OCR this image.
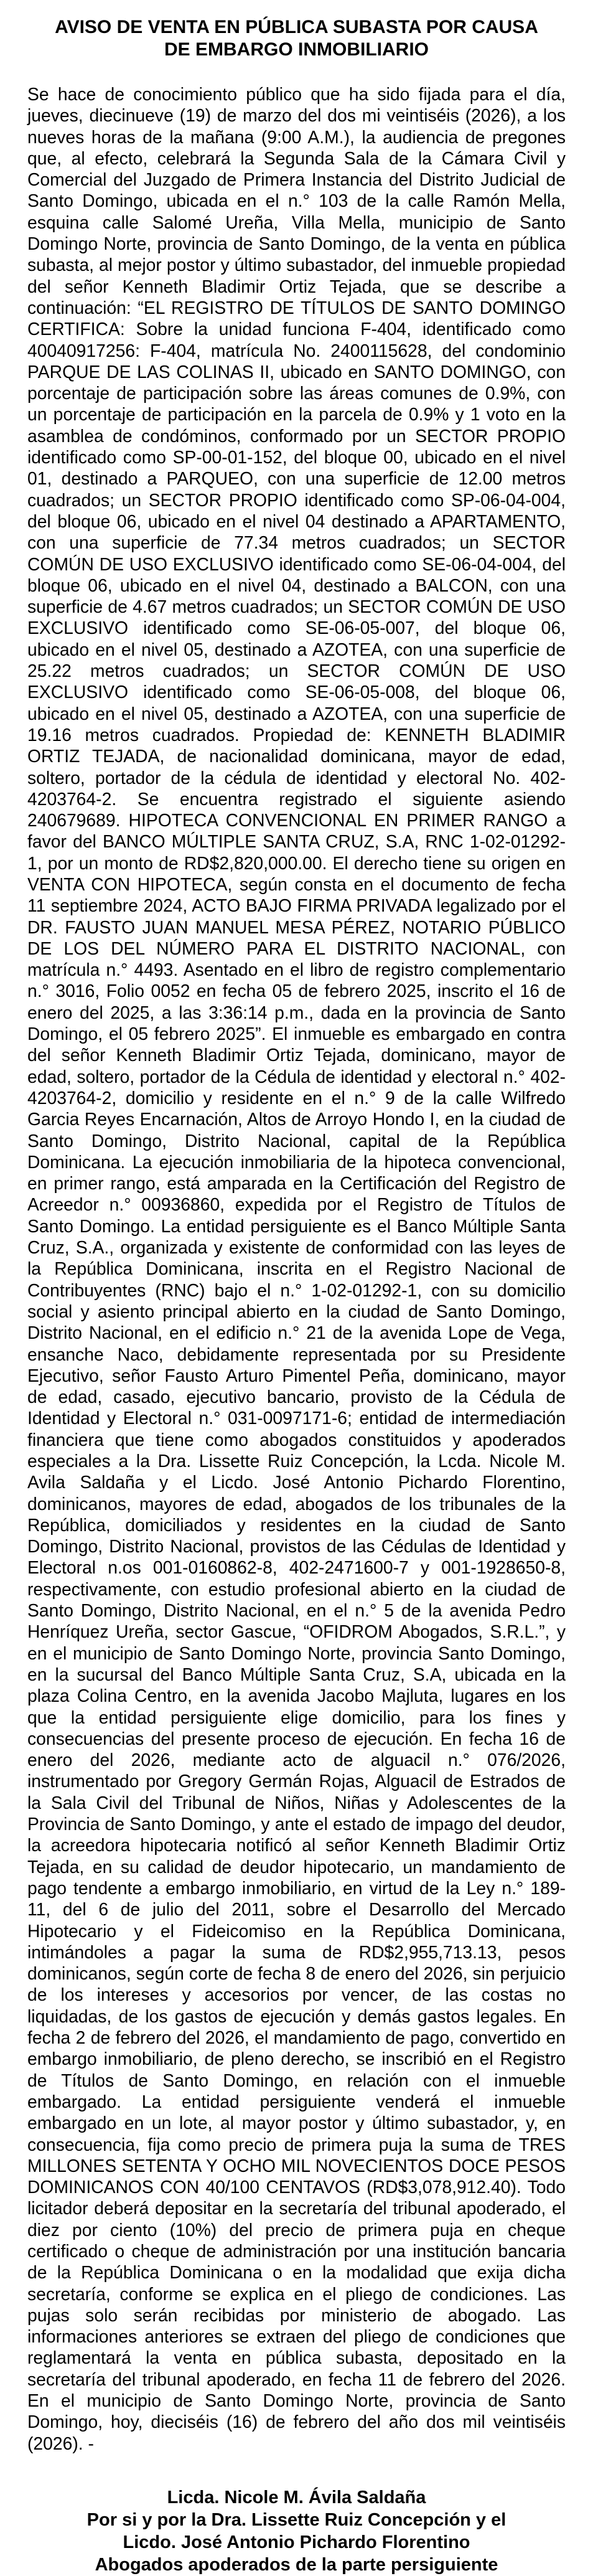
AVISO DE VENTA EN PÚBLICA SUBASTA POR CAUSA
DE EMBARGO INMOBILIARIO

Se hace de conocimiento público que ha sido fijada para el día, jueves, diecinueve (19) de marzo del dos mi veintiséis (2026), a los nueves horas de la mañana (9:00 A.M.), la audiencia de pregones que, al efecto, celebrará la Segunda Sala de la Cámara Civil y Comercial del Juzgado de Primera Instancia del Distrito Judicial de Santo Domingo, ubicada en el n.° 103 de la calle Ramón Mella, esquina calle Salomé Ureña, Villa Mella, municipio de Santo Domingo Norte, provincia de Santo Domingo, de la venta en pública subasta, al mejor postor y último subastador, del inmueble propiedad del señor Kenneth Bladimir Ortiz Tejada, que se describe a continuación: “EL REGISTRO DE TÍTULOS DE SANTO DOMINGO CERTIFICA: Sobre la unidad funciona F-404, identificado como 40040917256: F-404, matrícula No. 2400115628, del condominio PARQUE DE LAS COLINAS II, ubicado en SANTO DOMINGO, con porcentaje de participación sobre las áreas comunes de 0.9%, con un porcentaje de participación en la parcela de 0.9% y 1 voto en la asamblea de condóminos, conformado por un SECTOR PROPIO identificado como SP-00-01-152, del bloque 00, ubicado en el nivel 01, destinado a PARQUEO, con una superficie de 12.00 metros cuadrados; un SECTOR PROPIO identificado como SP-06-04-004, del bloque 06, ubicado en el nivel 04 destinado a APARTAMENTO, con una superficie de 77.34 metros cuadrados; un SECTOR COMÚN DE USO EXCLUSIVO identificado como SE-06-04-004, del bloque 06, ubicado en el nivel 04, destinado a BALCON, con una superficie de 4.67 metros cuadrados; un SECTOR COMÚN DE USO EXCLUSIVO identificado como SE-06-05-007, del bloque 06, ubicado en el nivel 05, destinado a AZOTEA, con una superficie de 25.22 metros cuadrados; un SECTOR COMÚN DE USO EXCLUSIVO identificado como SE-06-05-008, del bloque 06, ubicado en el nivel 05, destinado a AZOTEA, con una superficie de 19.16 metros cuadrados. Propiedad de: KENNETH BLADIMIR ORTIZ TEJADA, de nacionalidad dominicana, mayor de edad, soltero, portador de la cédula de identidad y electoral No. 402-4203764-2. Se encuentra registrado el siguiente asiendo 240679689. HIPOTECA CONVENCIONAL EN PRIMER RANGO a favor del BANCO MÚLTIPLE SANTA CRUZ, S.A, RNC 1-02-01292-1, por un monto de RD$2,820,000.00. El derecho tiene su origen en VENTA CON HIPOTECA, según consta en el documento de fecha 11 septiembre 2024, ACTO BAJO FIRMA PRIVADA legalizado por el DR. FAUSTO JUAN MANUEL MESA PÉREZ, NOTARIO PÚBLICO DE LOS DEL NÚMERO PARA EL DISTRITO NACIONAL, con matrícula n.° 4493. Asentado en el libro de registro complementario n.° 3016, Folio 0052 en fecha 05 de febrero 2025, inscrito el 16 de enero del 2025, a las 3:36:14 p.m., dada en la provincia de Santo Domingo, el 05 febrero 2025”. El inmueble es embargado en contra del señor Kenneth Bladimir Ortiz Tejada, dominicano, mayor de edad, soltero, portador de la Cédula de identidad y electoral n.° 402-4203764-2, domicilio y residente en el n.° 9 de la calle Wilfredo Garcia Reyes Encarnación, Altos de Arroyo Hondo I, en la ciudad de Santo Domingo, Distrito Nacional, capital de la República Dominicana. La ejecución inmobiliaria de la hipoteca convencional, en primer rango, está amparada en la Certificación del Registro de Acreedor n.° 00936860, expedida por el Registro de Títulos de Santo Domingo. La entidad persiguiente es el Banco Múltiple Santa Cruz, S.A., organizada y existente de conformidad con las leyes de la República Dominicana, inscrita en el Registro Nacional de Contribuyentes (RNC) bajo el n.° 1-02-01292-1, con su domicilio social y asiento principal abierto en la ciudad de Santo Domingo, Distrito Nacional, en el edificio n.° 21 de la avenida Lope de Vega, ensanche Naco, debidamente representada por su Presidente Ejecutivo, señor Fausto Arturo Pimentel Peña, dominicano, mayor de edad, casado, ejecutivo bancario, provisto de la Cédula de Identidad y Electoral n.° 031-0097171-6; entidad de intermediación financiera que tiene como abogados constituidos y apoderados especiales a la Dra. Lissette Ruiz Concepción, la Lcda. Nicole M. Avila Saldaña y el Licdo. José Antonio Pichardo Florentino, dominicanos, mayores de edad, abogados de los tribunales de la República, domiciliados y residentes en la ciudad de Santo Domingo, Distrito Nacional, provistos de las Cédulas de Identidad y Electoral n.os 001-0160862-8, 402-2471600-7 y 001-1928650-8, respectivamente, con estudio profesional abierto en la ciudad de Santo Domingo, Distrito Nacional, en el n.° 5 de la avenida Pedro Henríquez Ureña, sector Gascue, “OFIDROM Abogados, S.R.L.”, y en el municipio de Santo Domingo Norte, provincia Santo Domingo, en la sucursal del Banco Múltiple Santa Cruz, S.A, ubicada en la plaza Colina Centro, en la avenida Jacobo Majluta, lugares en los que la entidad persiguiente elige domicilio, para los fines y consecuencias del presente proceso de ejecución. En fecha 16 de enero del 2026, mediante acto de alguacil n.° 076/2026, instrumentado por Gregory Germán Rojas, Alguacil de Estrados de la Sala Civil del Tribunal de Niños, Niñas y Adolescentes de la Provincia de Santo Domingo, y ante el estado de impago del deudor, la acreedora hipotecaria notificó al señor Kenneth Bladimir Ortiz Tejada, en su calidad de deudor hipotecario, un mandamiento de pago tendente a embargo inmobiliario, en virtud de la Ley n.° 189-11, del 6 de julio del 2011, sobre el Desarrollo del Mercado Hipotecario y el Fideicomiso en la República Dominicana, intimándoles a pagar la suma de RD$2,955,713.13, pesos dominicanos, según corte de fecha 8 de enero del 2026, sin perjuicio de los intereses y accesorios por vencer, de las costas no liquidadas, de los gastos de ejecución y demás gastos legales. En fecha 2 de febrero del 2026, el mandamiento de pago, convertido en embargo inmobiliario, de pleno derecho, se inscribió en el Registro de Títulos de Santo Domingo, en relación con el inmueble embargado. La entidad persiguiente venderá el inmueble embargado en un lote, al mayor postor y último subastador, y, en consecuencia, fija como precio de primera puja la suma de TRES MILLONES SETENTA Y OCHO MIL NOVECIENTOS DOCE PESOS DOMINICANOS CON 40/100 CENTAVOS (RD$3,078,912.40). Todo licitador deberá depositar en la secretaría del tribunal apoderado, el diez por ciento (10%) del precio de primera puja en cheque certificado o cheque de administración por una institución bancaria de la República Dominicana o en la modalidad que exija dicha secretaría, conforme se explica en el pliego de condiciones. Las pujas solo serán recibidas por ministerio de abogado. Las informaciones anteriores se extraen del pliego de condiciones que reglamentará la venta en pública subasta, depositado en la secretaría del tribunal apoderado, en fecha 11 de febrero del 2026. En el municipio de Santo Domingo Norte, provincia de Santo Domingo, hoy, dieciséis (16) de febrero del año dos mil veintiséis (2026). -

Licda. Nicole M. Ávila Saldaña
Por si y por la Dra. Lissette Ruiz Concepción y el
Licdo. José Antonio Pichardo Florentino
Abogados apoderados de la parte persiguiente
